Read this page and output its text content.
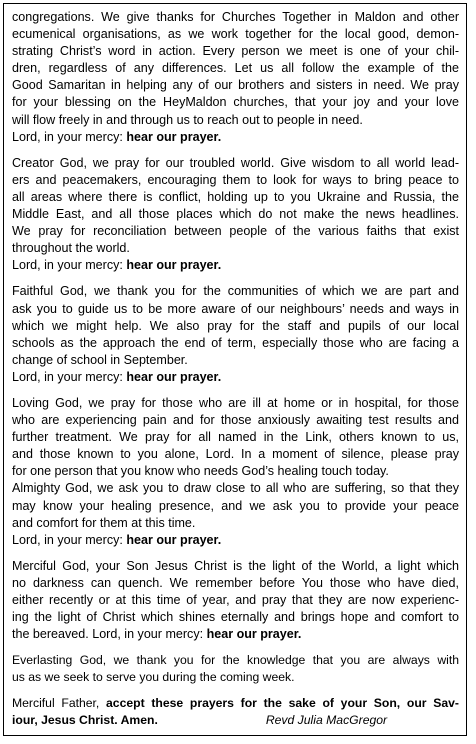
congregations. We give thanks for Churches Together in Maldon and other
ecumenical organisations, as we work together for the local good, demon-
strating Christ’s word in action. Every person we meet is one of your chil-
dren, regardless of any differences. Let us all follow the example of the
Good Samaritan in helping any of our brothers and sisters in need. We pray
for your blessing on the HeyMaldon churches, that your joy and your love
will flow freely in and through us to reach out to people in need.
Lord, in your mercy: hear our prayer.

Creator God, we pray for our troubled world. Give wisdom to all world lead-
ers and peacemakers, encouraging them to look for ways to bring peace to
all areas where there is conflict, holding up to you Ukraine and Russia, the
Middle East, and all those places which do not make the news headlines.
We pray for reconciliation between people of the various faiths that exist
throughout the world.
Lord, in your mercy: hear our prayer.

Faithful God, we thank you for the communities of which we are part and
ask you to guide us to be more aware of our neighbours’ needs and ways in
which we might help. We also pray for the staff and pupils of our local
schools as the approach the end of term, especially those who are facing a
change of school in September.
Lord, in your mercy: hear our prayer.

Loving God, we pray for those who are ill at home or in hospital, for those
who are experiencing pain and for those anxiously awaiting test results and
further treatment. We pray for all named in the Link, others known to us,
and those known to you alone, Lord. In a moment of silence, please pray
for one person that you know who needs God’s healing touch today.
Almighty God, we ask you to draw close to all who are suffering, so that they
may know your healing presence, and we ask you to provide your peace
and comfort for them at this time.
Lord, in your mercy: hear our prayer.

Merciful God, your Son Jesus Christ is the light of the World, a light which
no darkness can quench. We remember before You those who have died,
either recently or at this time of year, and pray that they are now experienc-
ing the light of Christ which shines eternally and brings hope and comfort to
the bereaved. Lord, in your mercy: hear our prayer.

Everlasting God, we thank you for the knowledge that you are always with
us as we seek to serve you during the coming week.

Merciful Father, accept these prayers for the sake of your Son, our Sav-
iour, Jesus Christ. Amen.	Revd Julia MacGregor
